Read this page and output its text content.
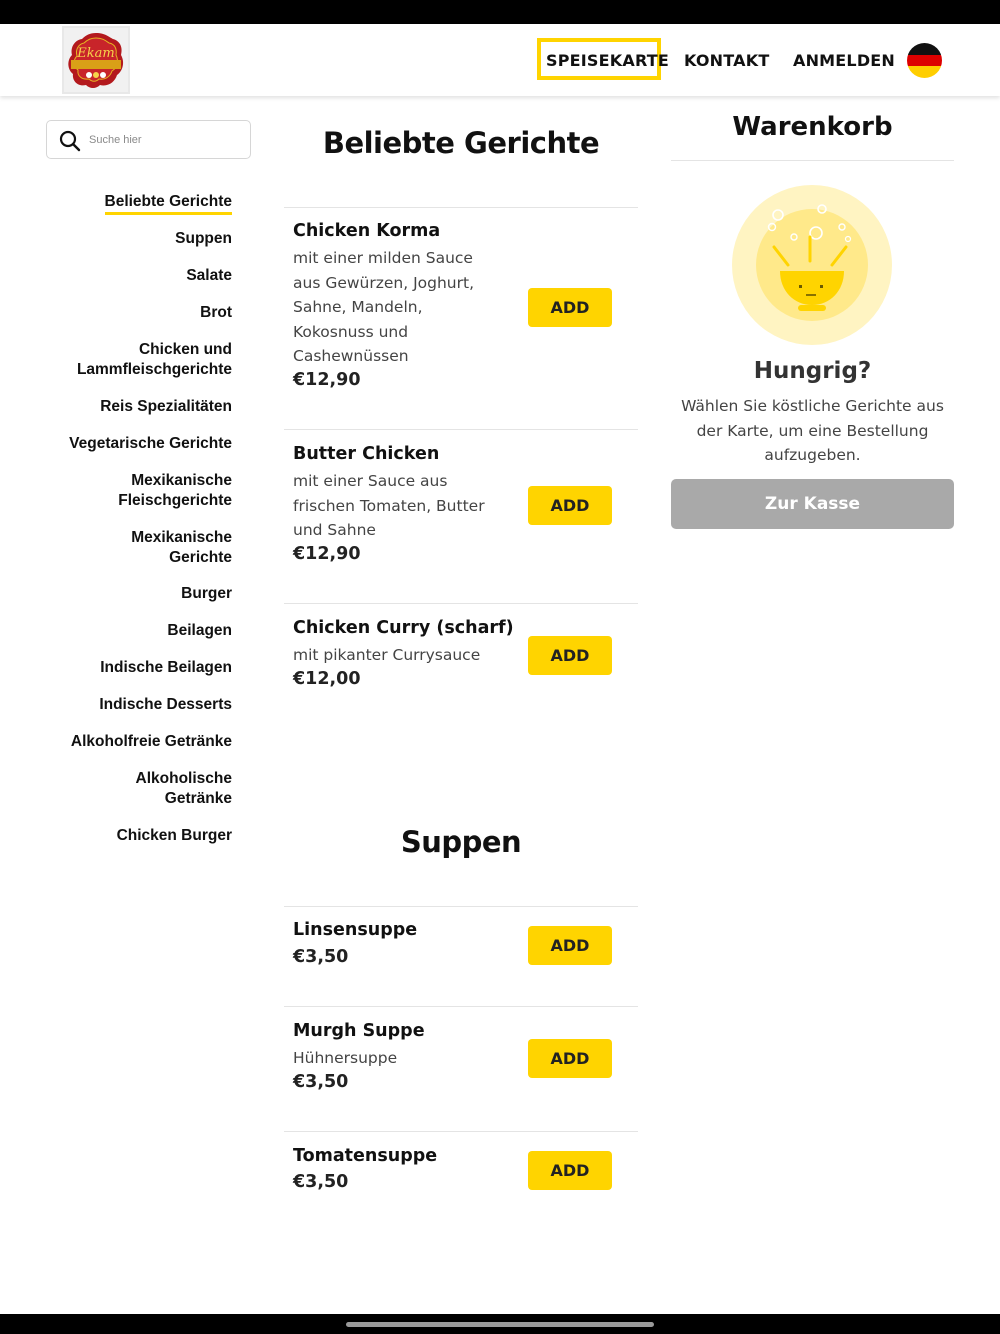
Ekam	SPEISEKARTE KONTAKT ANMELDEN
Suche hier
Beliebte Gerichte
Suppen
Salate
Brot
Chicken und
Lammfleischgerichte
Reis Spezialitäten
Vegetarische Gerichte
Mexikanische
Fleischgerichte
Mexikanische
Gerichte
Burger
Beilagen
Indische Beilagen
Indische Desserts
Alkoholfreie Getränke
Alkoholische
Getränke
Chicken Burger
Beliebte Gerichte
Chicken Korma
mit einer milden Sauce aus Gewürzen, Joghurt, Sahne, Mandeln, Kokosnuss und Cashewnüssen
€12,90
ADD
Butter Chicken
mit einer Sauce aus frischen Tomaten, Butter und Sahne
€12,90
ADD
Chicken Curry (scharf)
mit pikanter Currysauce
€12,00
ADD
Suppen
Linsensuppe
€3,50
ADD
Murgh Suppe
Hühnersuppe
€3,50
ADD
Tomatensuppe
€3,50
ADD
Warenkorb
Hungrig?
Wählen Sie köstliche Gerichte aus der Karte, um eine Bestellung aufzugeben.
Zur Kasse
